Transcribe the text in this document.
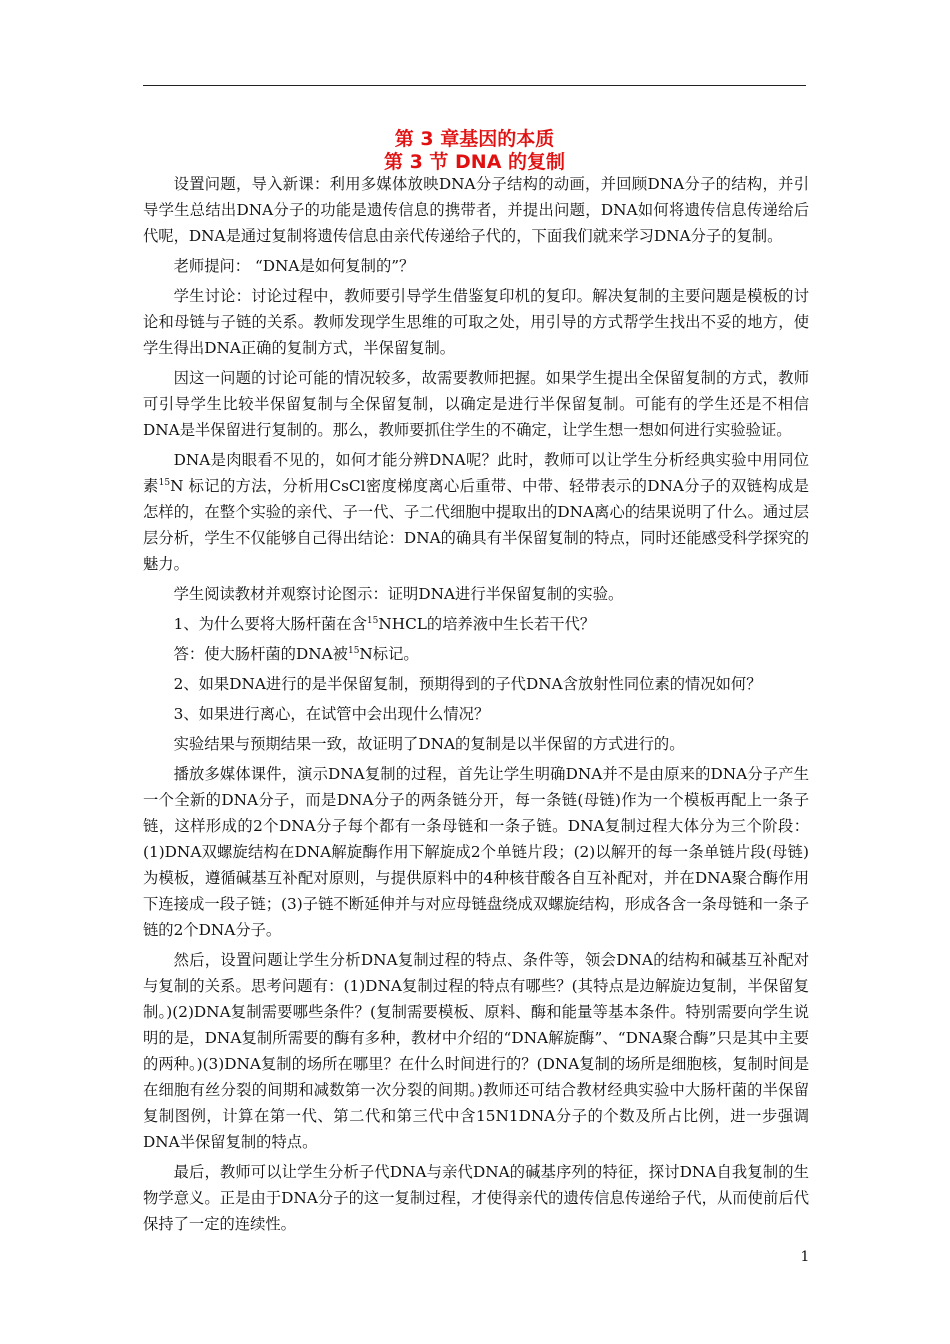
第 3 章基因的本质
第 3 节 DNA 的复制

设置问题，导入新课：利用多媒体放映DNA分子结构的动画，并回顾DNA分子的结构，并引导学生总结出DNA分子的功能是遗传信息的携带者，并提出问题，DNA如何将遗传信息传递给后代呢，DNA是通过复制将遗传信息由亲代传递给子代的，下面我们就来学习DNA分子的复制。

老师提问： “DNA是如何复制的”？

学生讨论：讨论过程中，教师要引导学生借鉴复印机的复印。解决复制的主要问题是模板的讨论和母链与子链的关系。教师发现学生思维的可取之处，用引导的方式帮学生找出不妥的地方，使学生得出DNA正确的复制方式，半保留复制。

因这一问题的讨论可能的情况较多，故需要教师把握。如果学生提出全保留复制的方式，教师可引导学生比较半保留复制与全保留复制，以确定是进行半保留复制。可能有的学生还是不相信DNA是半保留进行复制的。那么，教师要抓住学生的不确定，让学生想一想如何进行实验验证。

DNA是肉眼看不见的，如何才能分辨DNA呢？此时，教师可以让学生分析经典实验中用同位素$^{15}$N 标记的方法，分析用CsCl密度梯度离心后重带、中带、轻带表示的DNA分子的双链构成是怎样的，在整个实验的亲代、子一代、子二代细胞中提取出的DNA离心的结果说明了什么。通过层层分析，学生不仅能够自己得出结论：DNA的确具有半保留复制的特点，同时还能感受科学探究的魅力。

学生阅读教材并观察讨论图示：证明DNA进行半保留复制的实验。

1、为什么要将大肠杆菌在含$^{15}$NHCL的培养液中生长若干代？

答：使大肠杆菌的DNA被$^{15}$N标记。

2、如果DNA进行的是半保留复制，预期得到的子代DNA含放射性同位素的情况如何？

3、如果进行离心，在试管中会出现什么情况？

实验结果与预期结果一致，故证明了DNA的复制是以半保留的方式进行的。

播放多媒体课件，演示DNA复制的过程，首先让学生明确DNA并不是由原来的DNA分子产生一个全新的DNA分子，而是DNA分子的两条链分开，每一条链(母链)作为一个模板再配上一条子链，这样形成的2个DNA分子每个都有一条母链和一条子链。DNA复制过程大体分为三个阶段：(1)DNA双螺旋结构在DNA解旋酶作用下解旋成2个单链片段；(2)以解开的每一条单链片段(母链)为模板，遵循碱基互补配对原则，与提供原料中的4种核苷酸各自互补配对，并在DNA聚合酶作用下连接成一段子链；(3)子链不断延伸并与对应母链盘绕成双螺旋结构，形成各含一条母链和一条子链的2个DNA分子。

然后，设置问题让学生分析DNA复制过程的特点、条件等，领会DNA的结构和碱基互补配对与复制的关系。思考问题有：(1)DNA复制过程的特点有哪些？(其特点是边解旋边复制，半保留复制。)(2)DNA复制需要哪些条件？(复制需要模板、原料、酶和能量等基本条件。特别需要向学生说明的是，DNA复制所需要的酶有多种，教材中介绍的“DNA解旋酶”、“DNA聚合酶”只是其中主要的两种。)(3)DNA复制的场所在哪里？在什么时间进行的？(DNA复制的场所是细胞核，复制时间是在细胞有丝分裂的间期和减数第一次分裂的间期。)教师还可结合教材经典实验中大肠杆菌的半保留复制图例，计算在第一代、第二代和第三代中含15N1DNA分子的个数及所占比例，进一步强调DNA半保留复制的特点。

最后，教师可以让学生分析子代DNA与亲代DNA的碱基序列的特征，探讨DNA自我复制的生物学意义。正是由于DNA分子的这一复制过程，才使得亲代的遗传信息传递给子代，从而使前后代保持了一定的连续性。

1
